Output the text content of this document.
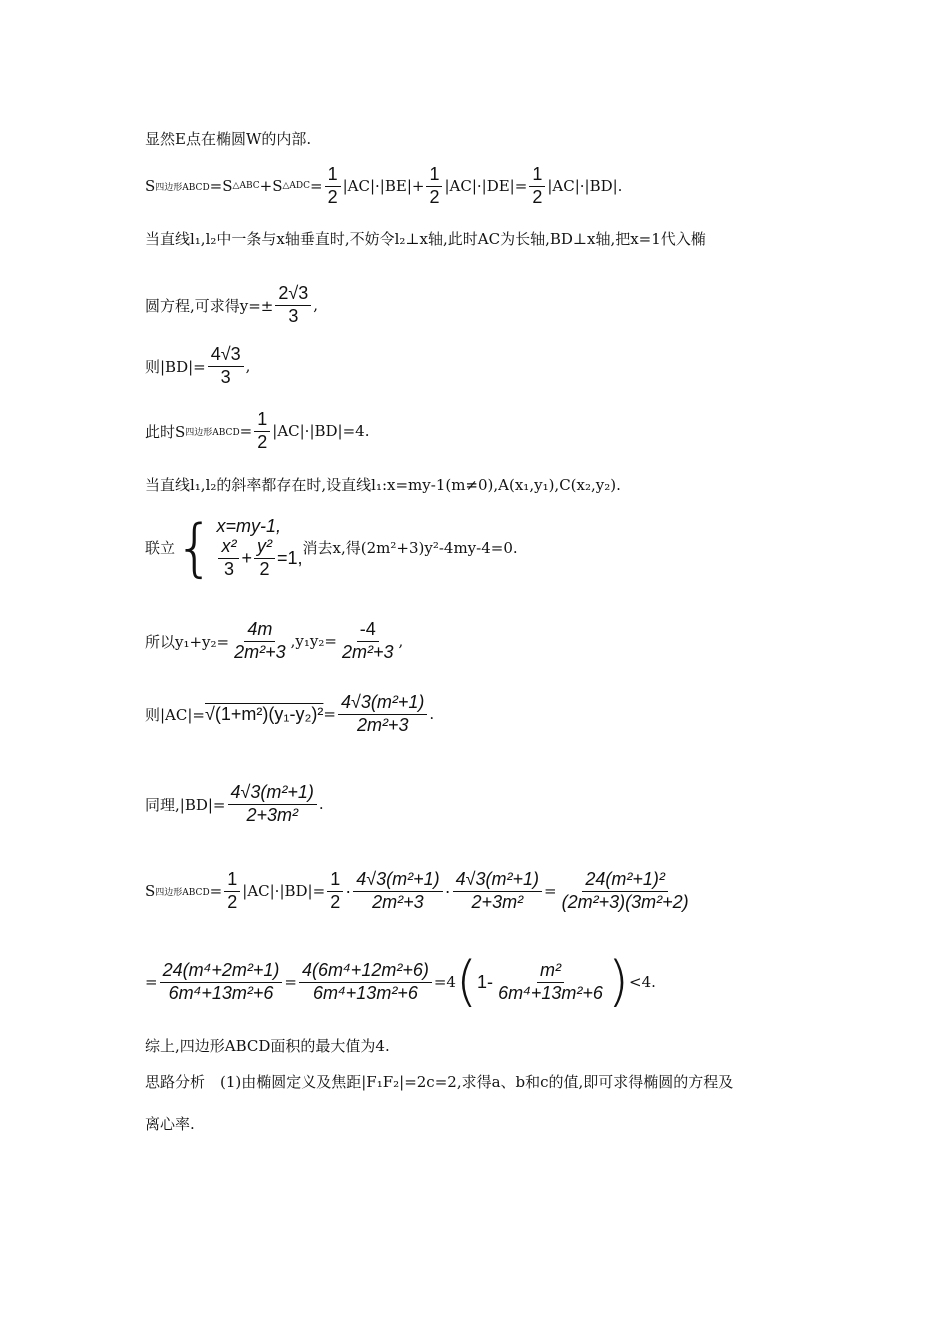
显然E点在椭圆W的内部.
S 四边形ABCD =S △ABC +S △ADC = $\frac{1}{2} |AC|\cdot|BE|+ \frac{1}{2} |AC|\cdot|DE|= \frac{1}{2} |AC|\cdot|BD|$.
当直线l₁,l₂中一条与x轴垂直时,不妨令l₂⊥x轴,此时AC为长轴,BD⊥x轴,把x=1代入椭
圆方程,可求得$y=\pm \frac{2√3}{3}$ ,
则$|BD|= \frac{4√3}{3}$ ,
此时S 四边形ABCD = $\frac{1}{2} |AC|\cdot|BD|=4$.
当直线l₁,l₂的斜率都存在时,设直线l₁:x=my-1(m≠0),A(x₁,y₁),C(x₂,y₂).
联立 { x=my-1,
$\frac{\text{x²}}{3} + \frac{\text{y²}}{2} =1$, 消去x,得(2m²+3)y²-4my-4=0.
所以$y_1+y_2= \frac{4m}{\text{2m²+3}} ,y_1y_2= \frac{-4}{\text{2m²+3}}$ ,
则$|AC|= √(1+m^2)(y_1-y_2)^2 = \frac{\text{4√3(m²+1)}}{\text{2m²+3}}$ .
同理$,|BD|= \frac{\text{4√3(m²+1)}}{\text{2+3m²}}$ .
S 四边形ABCD = $\frac{1}{2} |AC|\cdot|BD|= \frac{1}{2} \cdot \frac{\text{4√3(m²+1)}}{\text{2m²+3}} \cdot \frac{\text{4√3(m²+1)}}{\text{2+3m²}} = \frac{\text{24(m²+1)²}}{\text{(2m²+3)(3m²+2)}}$
= $\frac{\text{24(m⁴+2m²+1)}}{\text{6m⁴+13m²+6}} = \frac{\text{4(6m⁴+12m²+6)}}{\text{6m⁴+13m²+6}} =4$ ( $1- \frac{\text{m²}}{\text{6m⁴+13m²+6}}$ ) <4.
综上,四边形ABCD面积的最大值为4.
思路分析　(1)由椭圆定义及焦距|F₁F₂|=2c=2,求得a、b和c的值,即可求得椭圆的方程及
离心率.
